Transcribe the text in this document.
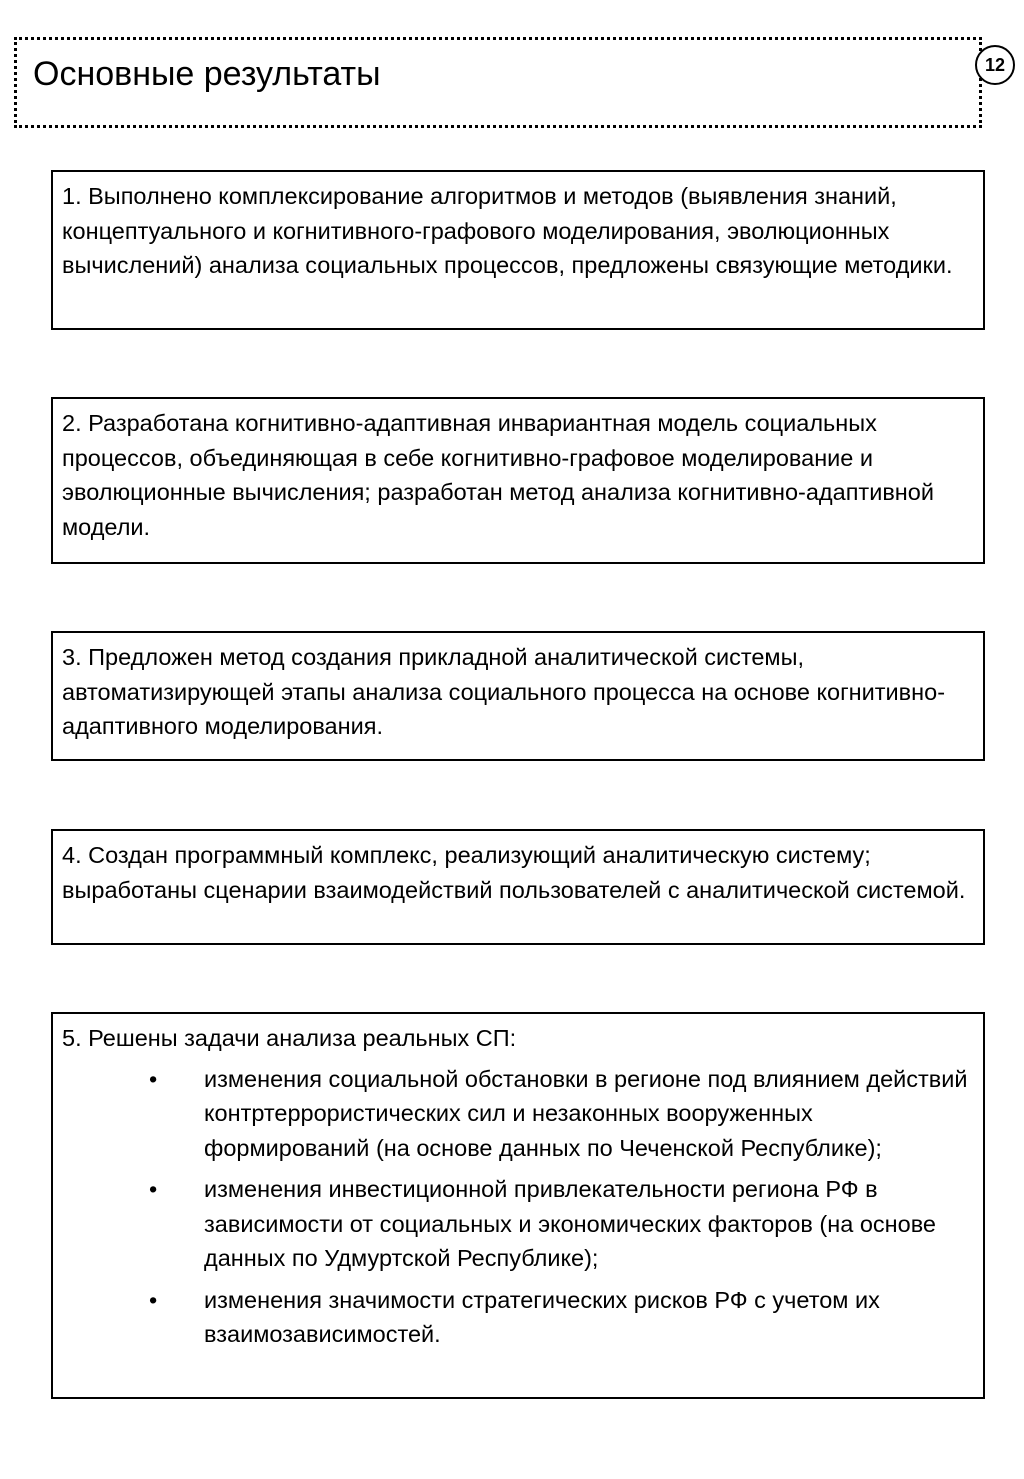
Основные результаты	12

1. Выполнено комплексирование алгоритмов и методов (выявления знаний, концептуального и когнитивного-графового моделирования, эволюционных вычислений) анализа социальных процессов, предложены связующие методики.

2. Разработана когнитивно-адаптивная инвариантная модель социальных процессов, объединяющая в себе когнитивно-графовое моделирование и эволюционные вычисления; разработан метод анализа когнитивно-адаптивной модели.

3. Предложен метод создания прикладной аналитической системы, автоматизирующей этапы анализа социального процесса на основе когнитивно-адаптивного моделирования.

4. Создан программный комплекс, реализующий аналитическую систему; выработаны сценарии взаимодействий пользователей с аналитической системой.

5. Решены задачи анализа реальных СП:

• изменения социальной обстановки в регионе под влиянием действий контртеррористических сил и незаконных вооруженных формирований (на основе данных по Чеченской Республике);
• изменения инвестиционной привлекательности региона РФ в зависимости от социальных и экономических факторов (на основе данных по Удмуртской Республике);
• изменения значимости стратегических рисков РФ с учетом их взаимозависимостей.
